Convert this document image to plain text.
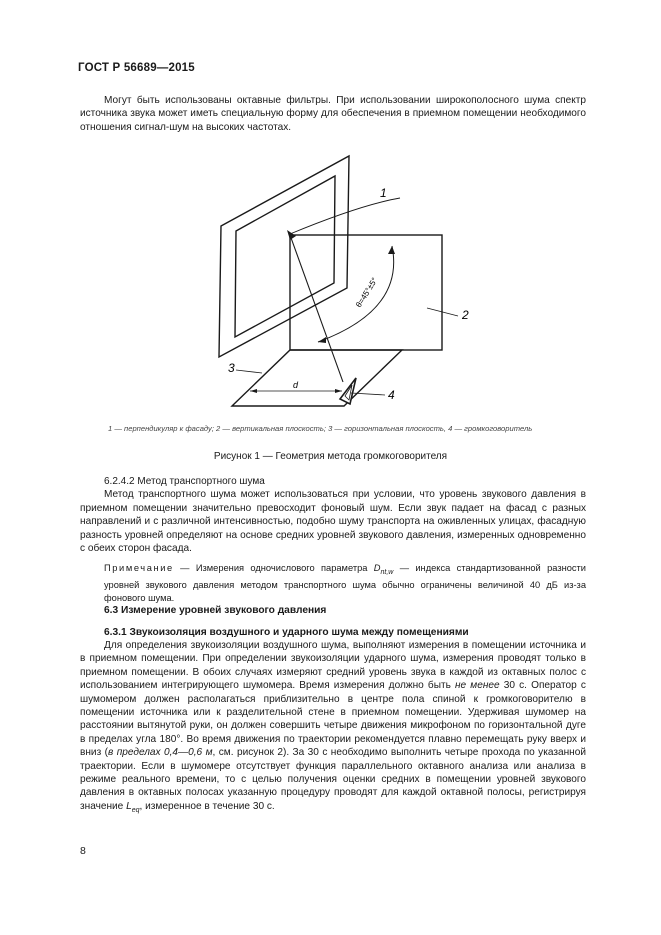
ГОСТ Р 56689—2015

Могут быть использованы октавные фильтры. При использовании широкополосного шума спектр источника звука может иметь специальную форму для обеспечения в приемном помещении необходимого отношения сигнал-шум на высоких частотах.

1
2
3
4
d
θ=45°±5°
1 — перпендикуляр к фасаду; 2 — вертикальная плоскость; 3 — горизонтальная плоскость, 4 — громкоговоритель
Рисунок 1 — Геометрия метода громкоговорителя

6.2.4.2 Метод транспортного шума

Метод транспортного шума может использоваться при условии, что уровень звукового давления в приемном помещении значительно превосходит фоновый шум. Если звук падает на фасад с разных направлений и с различной интенсивностью, подобно шуму транспорта на оживленных улицах, фасадную разность уровней определяют на основе средних уровней звукового давления, измеренных одновременно с обеих сторон фасада.

Примечание — Измерения одночислового параметра $D_{nt,w}$ — индекса стандартизованной разности уровней звукового давления методом транспортного шума обычно ограничены величиной 40 дБ из-за фонового шума.
6.3 Измерение уровней звукового давления
6.3.1 Звукоизоляция воздушного и ударного шума между помещениями

Для определения звукоизоляции воздушного шума, выполняют измерения в помещении источника и в приемном помещении. При определении звукоизоляции ударного шума, измерения проводят только в приемном помещении. В обоих случаях измеряют средний уровень звука в каждой из октавных полос с использованием интегрирующего шумомера. Время измерения должно быть не менее 30 с. Оператор с шумомером должен располагаться приблизительно в центре пола спиной к громкоговорителю в помещении источника или к разделительной стене в приемном помещении. Удерживая шумомер на расстоянии вытянутой руки, он должен совершить четыре движения микрофоном по горизонтальной дуге в пределах угла 180°. Во время движения по траектории рекомендуется плавно перемещать руку вверх и вниз (в пределах 0,4—0,6 м, см. рисунок 2). За 30 с необходимо выполнить четыре прохода по указанной траектории. Если в шумомере отсутствует функция параллельного октавного анализа или анализа в режиме реального времени, то с целью получения оценки средних в помещении уровней звукового давления в октавных полосах указанную процедуру проводят для каждой октавной полосы, регистрируя значение $L_{eq}$, измеренное в течение 30 с.

8
